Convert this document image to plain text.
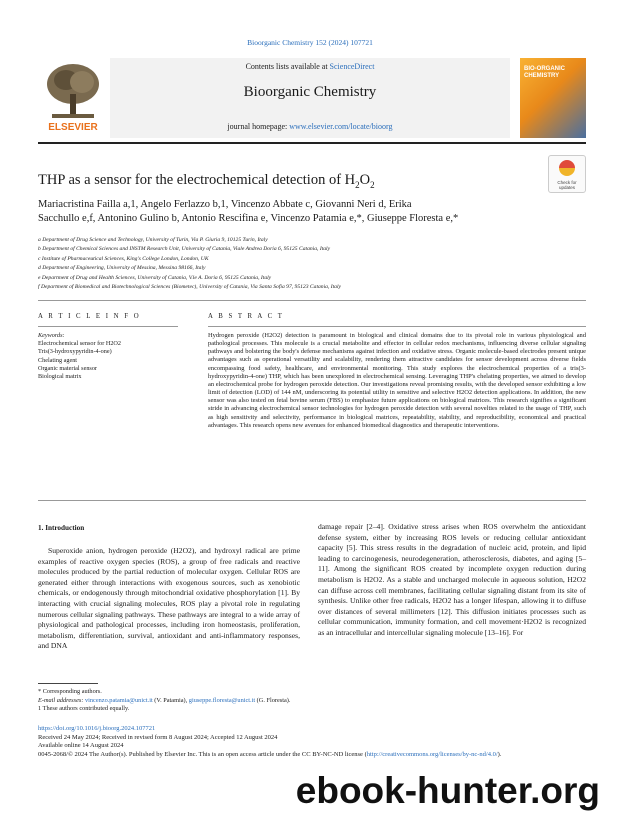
Bioorganic Chemistry 152 (2024) 107721
ELSEVIER
Contents lists available at ScienceDirect
Bioorganic Chemistry
journal homepage: www.elsevier.com/locate/bioorg
BIO-ORGANIC CHEMISTRY
Check for updates
THP as a sensor for the electrochemical detection of $H_2O_2$
Mariacristina Failla a,1, Angelo Ferlazzo b,1, Vincenzo Abbate c, Giovanni Neri d, Erika
Sacchullo e,f, Antonino Gulino b, Antonio Rescifina e, Vincenzo Patamia e,*, Giuseppe Floresta e,*
a Department of Drug Science and Technology, University of Turin, Via P. Giuria 9, 10125 Turin, Italy
b Department of Chemical Sciences and INSTM Research Unit, University of Catania, Viale Andrea Doria 6, 95125 Catania, Italy
c Institute of Pharmaceutical Sciences, King's College London, London, UK
d Department of Engineering, University of Messina, Messina 98166, Italy
e Department of Drug and Health Sciences, University of Catania, V.le A. Doria 6, 95125 Catania, Italy
f Department of Biomedical and Biotechnological Sciences (Biometec), University of Catania, Via Santa Sofia 97, 95123 Catania, Italy
A R T I C L E I N F O	A B S T R A C T
Keywords:
Electrochemical sensor for H2O2
Tris(3-hydroxypyridin-4-one)
Chelating agent
Organic material sensor
Biological matrix
Hydrogen peroxide (H2O2) detection is paramount in biological and clinical domains due to its pivotal role in various physiological and pathological processes. This molecule is a crucial metabolite and effector in cellular redox mechanisms, influencing diverse cellular signaling pathways and bolstering the body's defense mechanisms against infection and oxidative stress. Organic molecule-based electrodes present unique advantages such as operational versatility and scalability, rendering them attractive candidates for sensor development across diverse fields encompassing food safety, healthcare, and environmental monitoring. This study explores the electrochemical properties of a tris(3-hydroxypyridin-4-one) THP, which has been unexplored in electrochemical sensing. Leveraging THP's chelating properties, we aimed to develop an electrochemical probe for hydrogen peroxide detection. Our investigations reveal promising results, with the developed sensor exhibiting a low limit of detection (LOD) of 144 nM, underscoring its potential utility in sensitive and selective H2O2 detection applications. In addition, the new sensor was also tested on fetal bovine serum (FBS) to emphasize future applications on biological matrices. This research signifies a significant stride in advancing electrochemical sensor technologies for hydrogen peroxide detection with several novelties related to the usage of THP, such as high sensitivity and selectivity, performance in biological matrices, repeatability, stability, and reproducibility, economical and practical advantages. This research opens new avenues for enhanced biomedical diagnostics and therapeutic interventions.
1. Introduction
Superoxide anion, hydrogen peroxide (H2O2), and hydroxyl radical are prime examples of reactive oxygen species (ROS), a group of free radicals and reactive molecules produced by the partial reduction of molecular oxygen. Cellular ROS are generated either through interactions with exogenous sources, such as xenobiotic chemicals, or endogenously through mitochondrial oxidative phosphorylation [1]. By interacting with crucial signaling molecules, ROS play a pivotal role in regulating numerous cellular signaling pathways. These pathways are integral to a wide array of physiological and pathological processes, including iron homeostasis, proliferation, metabolism, differentiation, survival, antioxidant and anti-inflammatory responses, and DNA
damage repair [2–4]. Oxidative stress arises when ROS overwhelm the antioxidant defense system, either by increasing ROS levels or reducing cellular antioxidant capacity [5]. This stress results in the degradation of nucleic acid, protein, and lipid leading to carcinogenesis, neurodegeneration, atherosclerosis, diabetes, and aging [5–11]. Among the significant ROS created by incomplete oxygen reduction during metabolism is H2O2. As a stable and uncharged molecule in aqueous solution, H2O2 can diffuse across cell membranes, facilitating cellular signaling distant from its site of synthesis. Unlike other free radicals, H2O2 has a longer lifespan, allowing it to diffuse over distances of several millimeters [12]. This diffusion initiates processes such as cellular communication, immunity formation, and cell movement·H2O2 is recognized as an intracellular and intercellular signaling molecule [13–16]. For
* Corresponding authors.
E-mail addresses: vincenzo.patamia@unict.it (V. Patamia), giuseppe.floresta@unict.it (G. Floresta).
1 These authors contributed equally.
https://doi.org/10.1016/j.bioorg.2024.107721
Received 24 May 2024; Received in revised form 8 August 2024; Accepted 12 August 2024
Available online 14 August 2024
0045-2068/© 2024 The Author(s). Published by Elsevier Inc. This is an open access article under the CC BY-NC-ND license (http://creativecommons.org/licenses/by-nc-nd/4.0/).
ebook-hunter.org
